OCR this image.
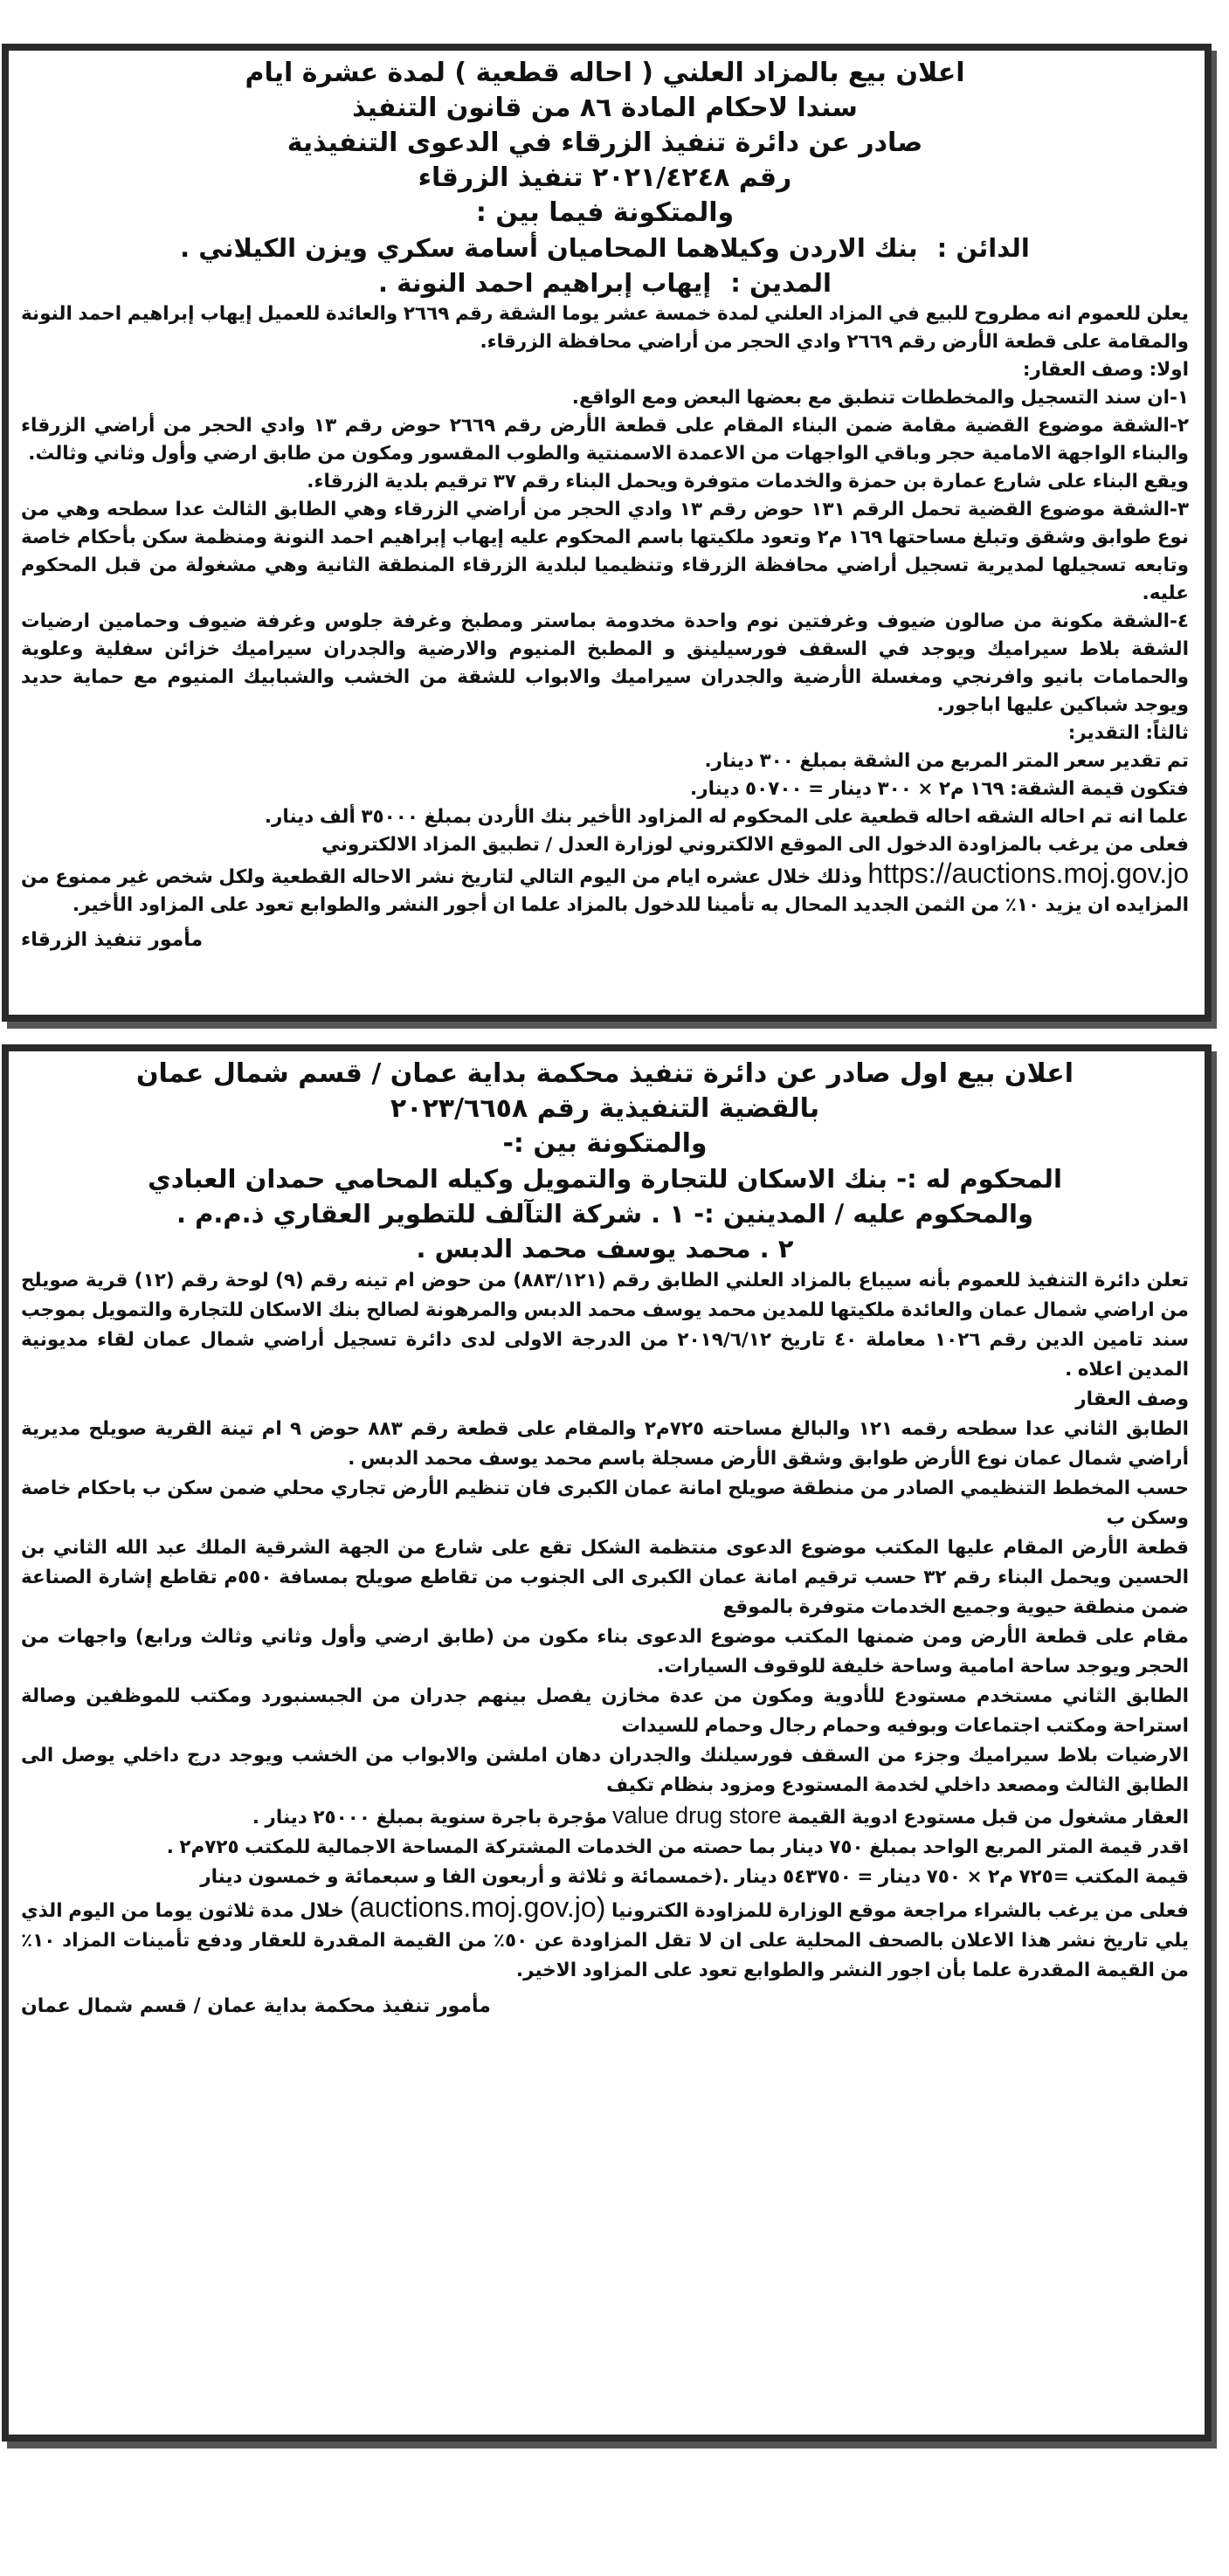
اعلان بيع بالمزاد العلني ( احاله قطعية ) لمدة عشرة ايام
سندا لاحكام المادة ٨٦ من قانون التنفيذ
صادر عن دائرة تنفيذ الزرقاء في الدعوى التنفيذية
رقم ٢٠٢١/٤٢٤٨ تنفيذ الزرقاء
والمتكونة فيما بين :
الدائن :بنك الاردن وكيلاهما المحاميان أسامة سكري ويزن الكيلاني .
المدين :إيهاب إبراهيم احمد النونة .

يعلن للعموم انه مطروح للبيع في المزاد العلني لمدة خمسة عشر يوما الشقة رقم ٢٦٦٩ والعائدة للعميل إيهاب إبراهيم احمد النونة والمقامة على قطعة الأرض رقم ٢٦٦٩ وادي الحجر من أراضي محافظة الزرقاء.

اولا: وصف العقار:

١-ان سند التسجيل والمخططات تنطبق مع بعضها البعض ومع الواقع.

٢-الشقة موضوع القضية مقامة ضمن البناء المقام على قطعة الأرض رقم ٢٦٦٩ حوض رقم ١٣ وادي الحجر من أراضي الزرقاء والبناء الواجهة الامامية حجر وباقي الواجهات من الاعمدة الاسمنتية والطوب المقسور ومكون من طابق ارضي وأول وثاني وثالث.

ويقع البناء على شارع عمارة بن حمزة والخدمات متوفرة ويحمل البناء رقم ٣٧ ترقيم بلدية الزرقاء.

٣-الشقة موضوع القضية تحمل الرقم ١٣١ حوض رقم ١٣ وادي الحجر من أراضي الزرقاء وهي الطابق الثالث عدا سطحه وهي من نوع طوابق وشقق وتبلغ مساحتها ١٦٩ م٢ وتعود ملكيتها باسم المحكوم عليه إيهاب إبراهيم احمد النونة ومنظمة سكن بأحكام خاصة وتابعه تسجيلها لمديرية تسجيل أراضي محافظة الزرقاء وتنظيميا لبلدية الزرقاء المنطقة الثانية وهي مشغولة من قبل المحكوم عليه.

٤-الشقة مكونة من صالون ضيوف وغرفتين نوم واحدة مخدومة بماستر ومطبخ وغرفة جلوس وغرفة ضيوف وحمامين ارضيات الشقة بلاط سيراميك ويوجد في السقف فورسيلينق و المطبخ المنيوم والارضية والجدران سيراميك خزائن سفلية وعلوية والحمامات بانيو وافرنجي ومغسلة الأرضية والجدران سيراميك والابواب للشقة من الخشب والشبابيك المنيوم مع حماية حديد ويوجد شباكين عليها اباجور.

ثالثاً: التقدير:

تم تقدير سعر المتر المربع من الشقة بمبلغ ٣٠٠ دينار.

فتكون قيمة الشقة: ١٦٩ م٢ × ٣٠٠ دينار = ٥٠٧٠٠ دينار.

علما انه تم احاله الشقه احاله قطعية على المحكوم له المزاود الأخير بنك الأردن بمبلغ ٣٥٠٠٠ ألف دينار.

فعلى من يرغب بالمزاودة الدخول الى الموقع الالكتروني لوزارة العدل / تطبيق المزاد الالكتروني

https://auctions.moj.gov.jo وذلك خلال عشره ايام من اليوم التالي لتاريخ نشر الاحاله القطعية ولكل شخص غير ممنوع من المزايده ان يزيد ١٠٪ من الثمن الجديد المحال به تأمينا للدخول بالمزاد علما ان أجور النشر والطوابع تعود على المزاود الأخير.

مأمور تنفيذ الزرقاء
اعلان بيع اول صادر عن دائرة تنفيذ محكمة بداية عمان / قسم شمال عمان
بالقضية التنفيذية رقم ٢٠٢٣/٦٦٥٨
والمتكونة بين :-
المحكوم له :- بنك الاسكان للتجارة والتمويل وكيله المحامي حمدان العبادي
والمحكوم عليه / المدينين :- ١ . شركة التآلف للتطوير العقاري ذ.م.م .
٢ . محمد يوسف محمد الدبس .

تعلن دائرة التنفيذ للعموم بأنه سيباع بالمزاد العلني الطابق رقم (٨٨٣/١٢١) من حوض ام تينه رقم (٩) لوحة رقم (١٢) قرية صويلح من اراضي شمال عمان والعائدة ملكيتها للمدين محمد يوسف محمد الدبس والمرهونة لصالح بنك الاسكان للتجارة والتمويل بموجب سند تامين الدين رقم ١٠٢٦ معاملة ٤٠ تاريخ ٢٠١٩/٦/١٢ من الدرجة الاولى لدى دائرة تسجيل أراضي شمال عمان لقاء مديونية المدين اعلاه .

وصف العقار

الطابق الثاني عدا سطحه رقمه ١٢١ والبالغ مساحته ٧٢٥م٢ والمقام على قطعة رقم ٨٨٣ حوض ٩ ام تينة القرية صويلح مديرية أراضي شمال عمان نوع الأرض طوابق وشقق الأرض مسجلة باسم محمد يوسف محمد الدبس .

حسب المخطط التنظيمي الصادر من منطقة صويلح امانة عمان الكبرى فان تنظيم الأرض تجاري محلي ضمن سكن ب باحكام خاصة وسكن ب

قطعة الأرض المقام عليها المكتب موضوع الدعوى منتظمة الشكل تقع على شارع من الجهة الشرقية الملك عبد الله الثاني بن الحسين ويحمل البناء رقم ٣٢ حسب ترقيم امانة عمان الكبرى الى الجنوب من تقاطع صويلح بمسافة ٥٥٠م تقاطع إشارة الصناعة ضمن منطقة حيوية وجميع الخدمات متوفرة بالموقع

مقام على قطعة الأرض ومن ضمنها المكتب موضوع الدعوى بناء مكون من (طابق ارضي وأول وثاني وثالث ورابع) واجهات من الحجر ويوجد ساحة امامية وساحة خليفة للوقوف السيارات.

الطابق الثاني مستخدم مستودع للأدوية ومكون من عدة مخازن يفصل بينهم جدران من الجبسنبورد ومكتب للموظفين وصالة استراحة ومكتب اجتماعات وبوفيه وحمام رجال وحمام للسيدات

الارضيات بلاط سيراميك وجزء من السقف فورسيلنك والجدران دهان املشن والابواب من الخشب ويوجد درج داخلي يوصل الى الطابق الثالث ومصعد داخلي لخدمة المستودع ومزود بنظام تكيف

العقار مشغول من قبل مستودع ادوية القيمة value drug store مؤجرة باجرة سنوية بمبلغ ٢٥٠٠٠ دينار .

اقدر قيمة المتر المربع الواحد بمبلغ ٧٥٠ دينار بما حصته من الخدمات المشتركة المساحة الاجمالية للمكتب ٧٢٥م٢ .

قيمة المكتب =٧٢٥ م٢ × ٧٥٠ دينار = ٥٤٣٧٥٠ دينار .(خمسمائة و ثلاثة و أربعون الفا و سبعمائة و خمسون دينار

فعلى من يرغب بالشراء مراجعة موقع الوزارة للمزاودة الكترونيا (auctions.moj.gov.jo) خلال مدة ثلاثون يوما من اليوم الذي يلي تاريخ نشر هذا الاعلان بالصحف المحلية على ان لا تقل المزاودة عن ٥٠٪ من القيمة المقدرة للعقار ودفع تأمينات المزاد ١٠٪ من القيمة المقدرة علما بأن اجور النشر والطوابع تعود على المزاود الاخير.

مأمور تنفيذ محكمة بداية عمان / قسم شمال عمان
